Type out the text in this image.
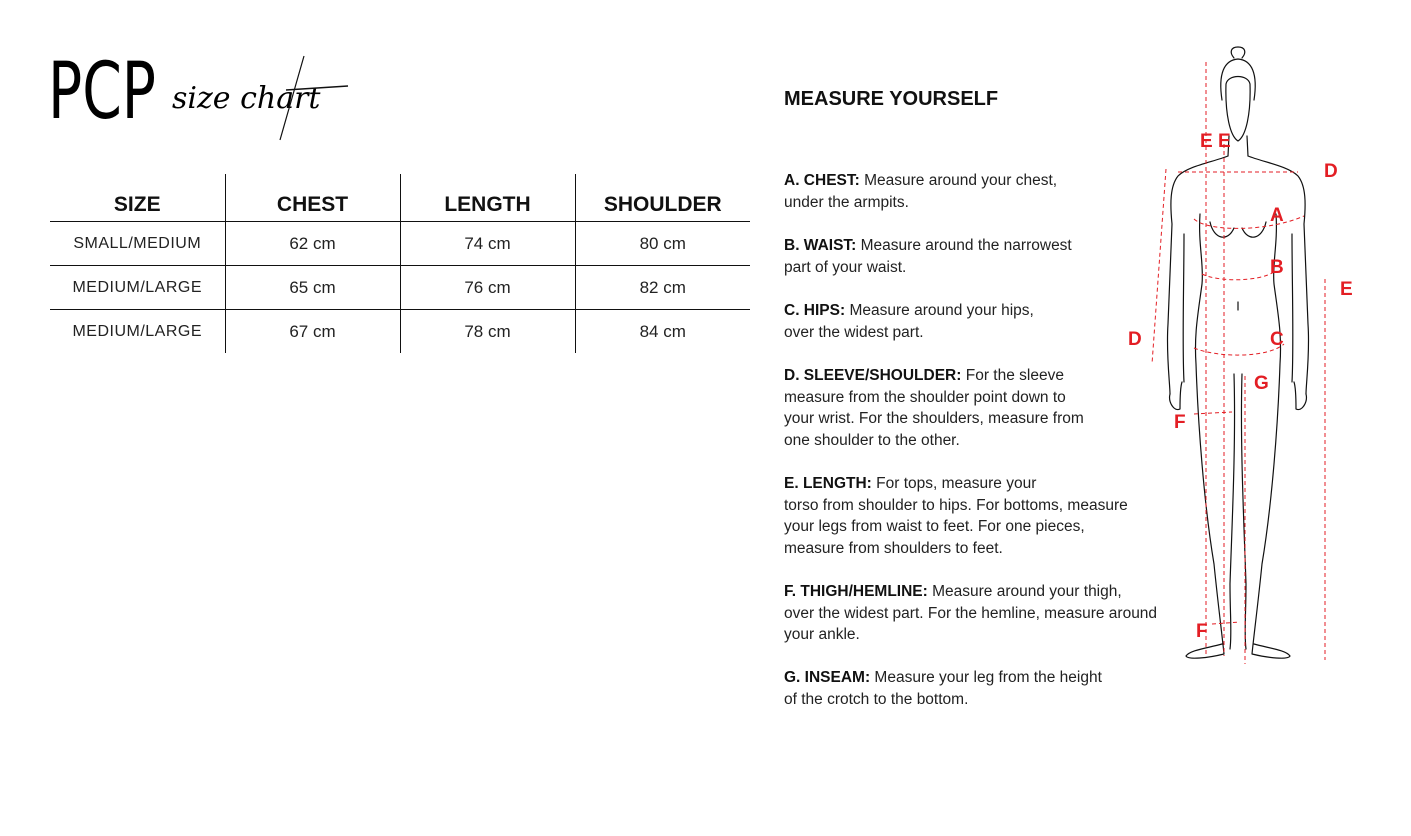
PCP size chart
SIZE	CHEST	LENGTH	SHOULDER
SMALL/MEDIUM	62 cm	74 cm	80 cm
MEDIUM/LARGE	65 cm	76 cm	82 cm
MEDIUM/LARGE	67 cm	78 cm	84 cm
MEASURE YOURSELF
A. CHEST: Measure around your chest,
under the armpits.
B. WAIST: Measure around the narrowest
part of your waist.
C. HIPS: Measure around your hips,
over the widest part.
D. SLEEVE/SHOULDER: For the sleeve
measure from the shoulder point down to
your wrist. For the shoulders, measure from
one shoulder to the other.
E. LENGTH: For tops, measure your
torso from shoulder to hips. For bottoms, measure
your legs from waist to feet. For one pieces,
measure from shoulders to feet.
F. THIGH/HEMLINE: Measure around your thigh,
over the widest part. For the hemline, measure around
your ankle.
G. INSEAM: Measure your leg from the height
of the crotch to the bottom.
E E
D
A
B
E
D	C
G
F
F
